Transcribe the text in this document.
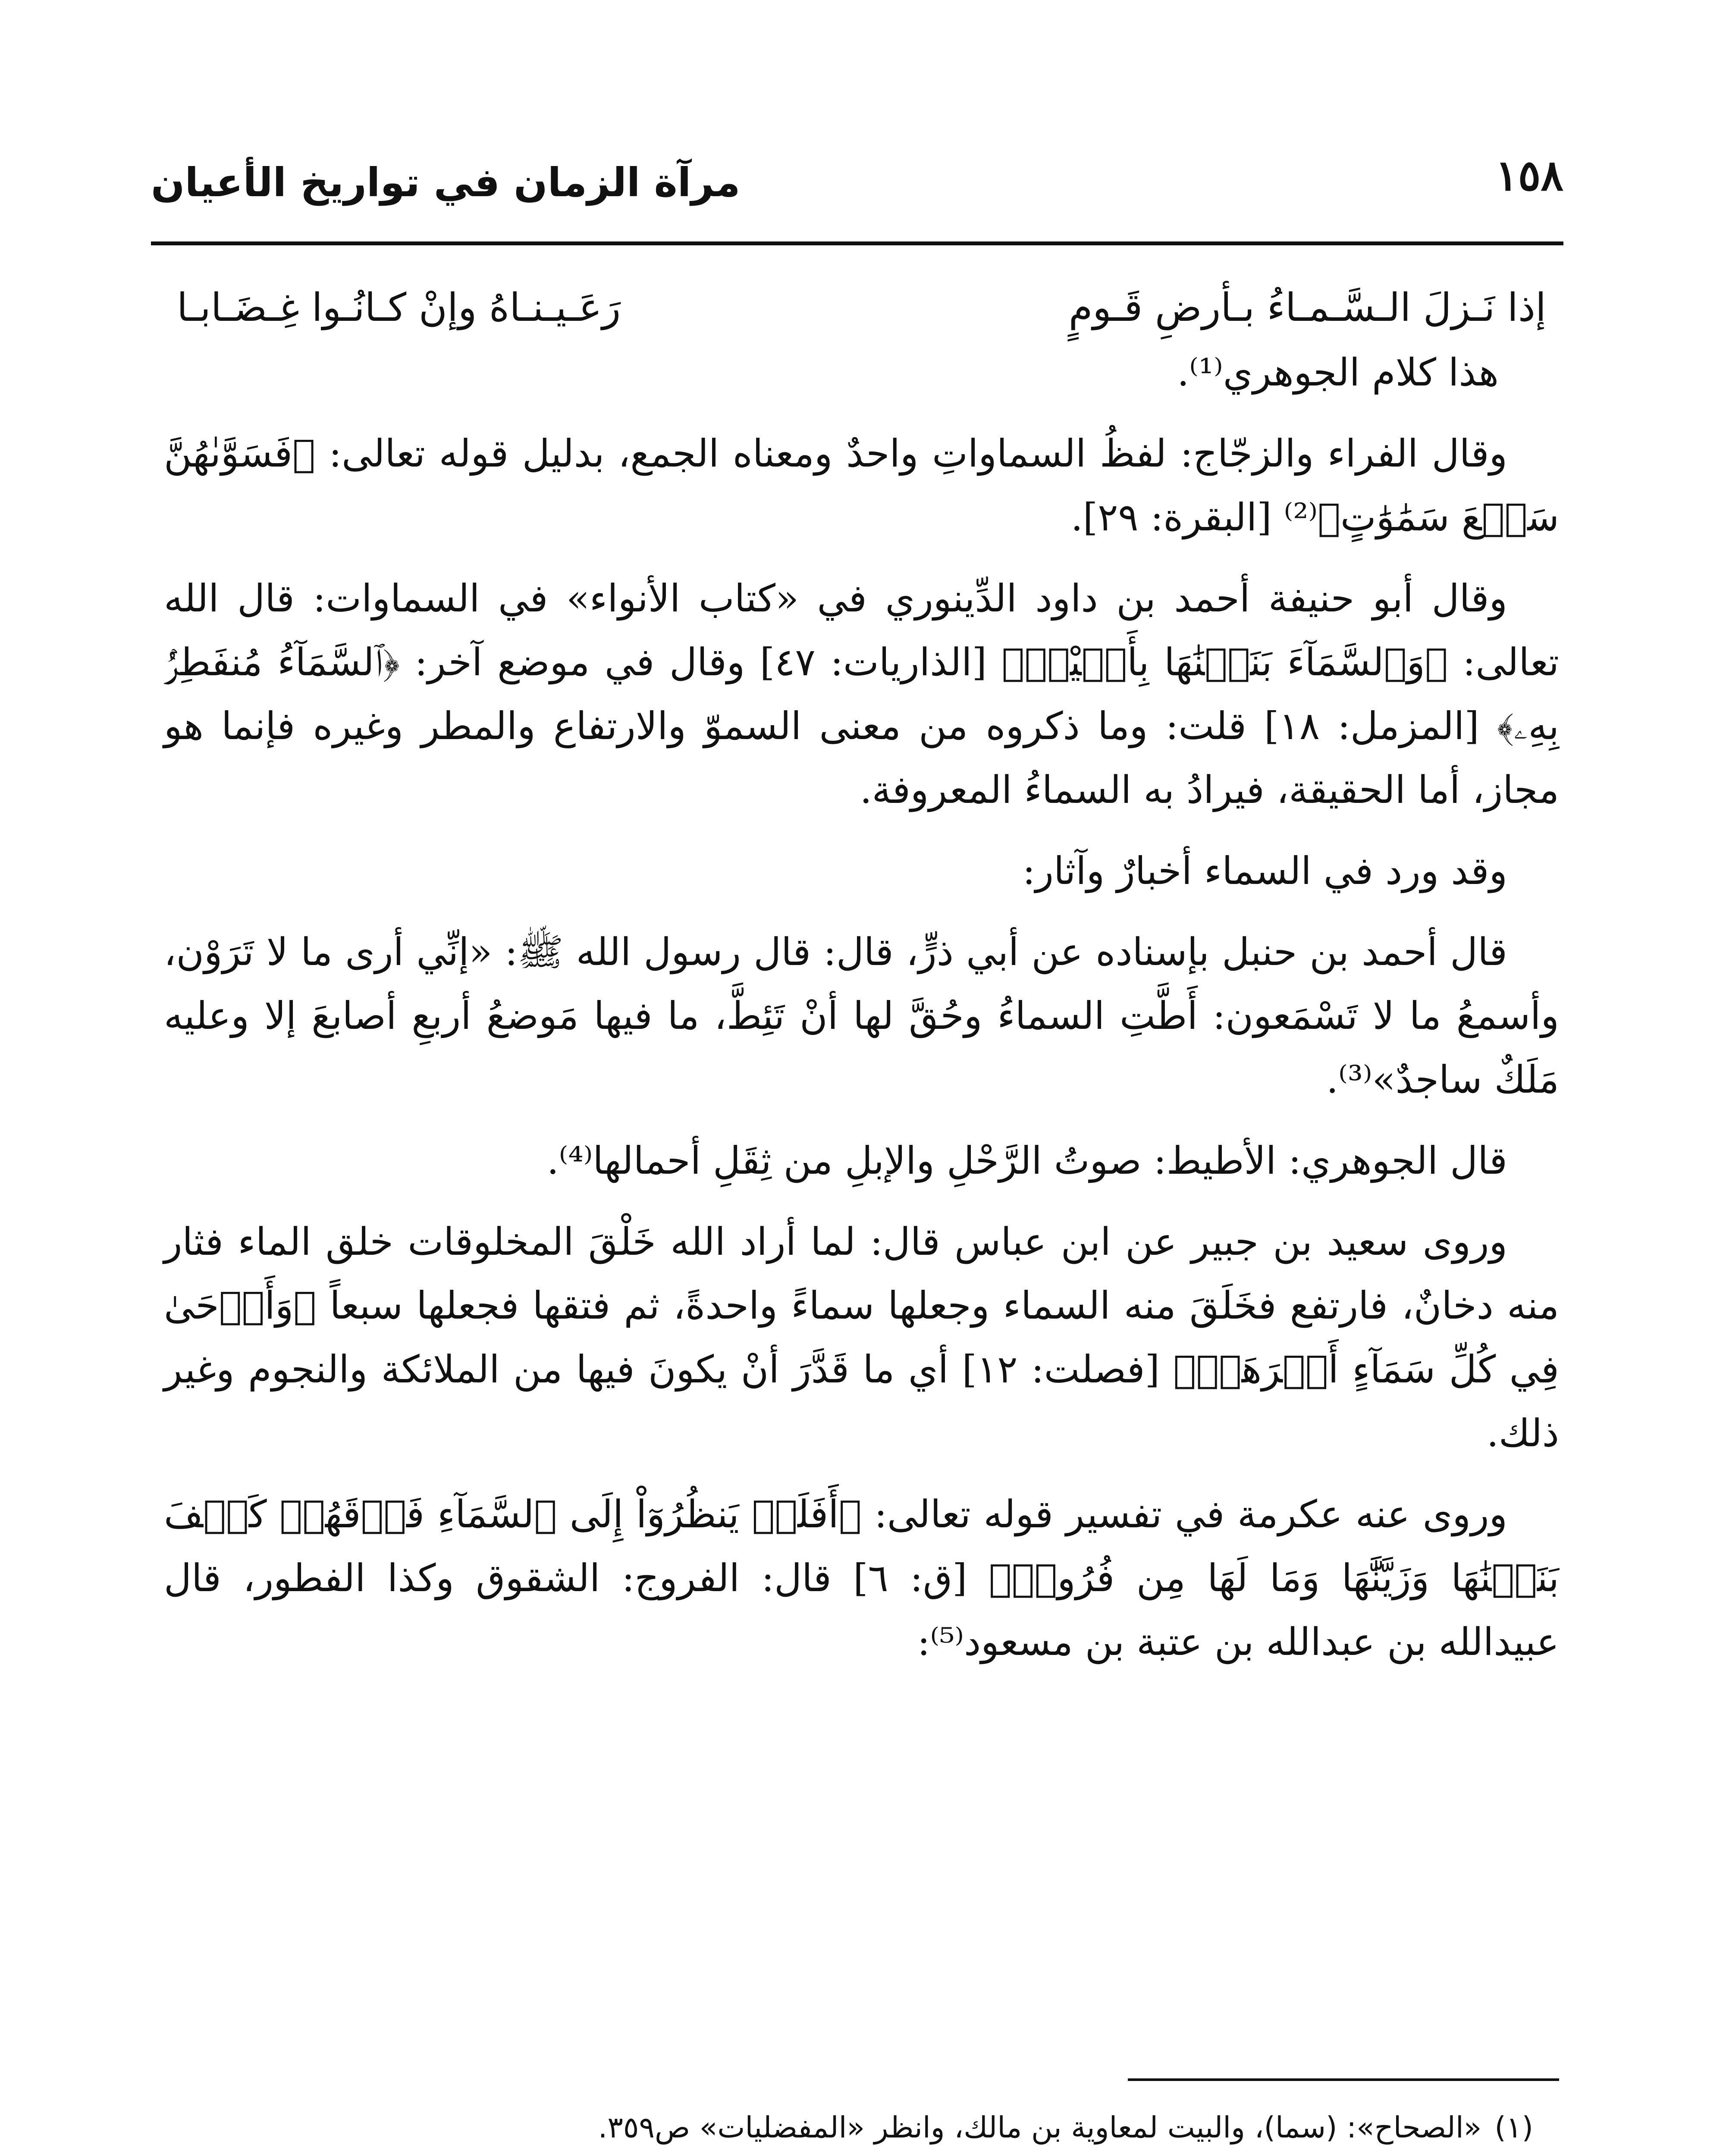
١٥٨
مرآة الزمان في تواريخ الأعيان
إذا نَـزلَ الـسَّـمـاءُ بـأرضِ قَـومٍ
رَعَـيـنـاهُ وإنْ كـانُـوا غِـضَـابـا

هذا كلام الجوهري⁽¹⁾.

وقال الفراء والزجّاج: لفظُ السماواتِ واحدٌ ومعناه الجمع، بدليل قوله تعالى: ﴿فَسَوَّىٰهُنَّ سَبۡعَ سَمَٰوَٰتٍ﴾⁽²⁾ [البقرة: ٢٩].

وقال أبو حنيفة أحمد بن داود الدِّينوري في «كتاب الأنواء» في السماوات: قال الله تعالى: ﴿وَٱلسَّمَآءَ بَنَيۡنَٰهَا بِأَيۡيْدٖ﴾ [الذاريات: ٤٧] وقال في موضع آخر: ﴿ٱلسَّمَآءُ مُنفَطِرُۢ بِهِۦ﴾ [المزمل: ١٨] قلت: وما ذكروه من معنى السموّ والارتفاع والمطر وغيره فإنما هو مجاز، أما الحقيقة، فيرادُ به السماءُ المعروفة.

وقد ورد في السماء أخبارٌ وآثار:

قال أحمد بن حنبل بإسناده عن أبي ذرٍّ، قال: قال رسول الله ﷺ: «إنِّي أرى ما لا تَرَوْن، وأسمعُ ما لا تَسْمَعون: أَطَّتِ السماءُ وحُقَّ لها أنْ تَئِطَّ، ما فيها مَوضعُ أربعِ أصابعَ إلا وعليه مَلَكٌ ساجدٌ»⁽³⁾.

قال الجوهري: الأطيط: صوتُ الرَّحْلِ والإبلِ من ثِقَلِ أحمالها⁽⁴⁾.

وروى سعيد بن جبير عن ابن عباس قال: لما أراد الله خَلْقَ المخلوقات خلق الماء فثار منه دخانٌ، فارتفع فخَلَقَ منه السماء وجعلها سماءً واحدةً، ثم فتقها فجعلها سبعاً ﴿وَأَوۡحَىٰ فِي كُلِّ سَمَآءٍ أَمۡرَهَاۚ﴾ [فصلت: ١٢] أي ما قَدَّرَ أنْ يكونَ فيها من الملائكة والنجوم وغير ذلك.

وروى عنه عكرمة في تفسير قوله تعالى: ﴿أَفَلَمۡ يَنظُرُوٓاْ إِلَى ٱلسَّمَآءِ فَوۡقَهُمۡ كَيۡفَ بَنَيۡنَٰهَا وَزَيَّنَّٰهَا وَمَا لَهَا مِن فُرُوجٖ﴾ [ق: ٦] قال: الفروج: الشقوق وكذا الفطور، قال عبيدالله بن عبدالله بن عتبة بن مسعود⁽⁵⁾:

(١)«الصحاح»: (سما)، والبيت لمعاوية بن مالك، وانظر «المفضليات» ص٣٥٩.
